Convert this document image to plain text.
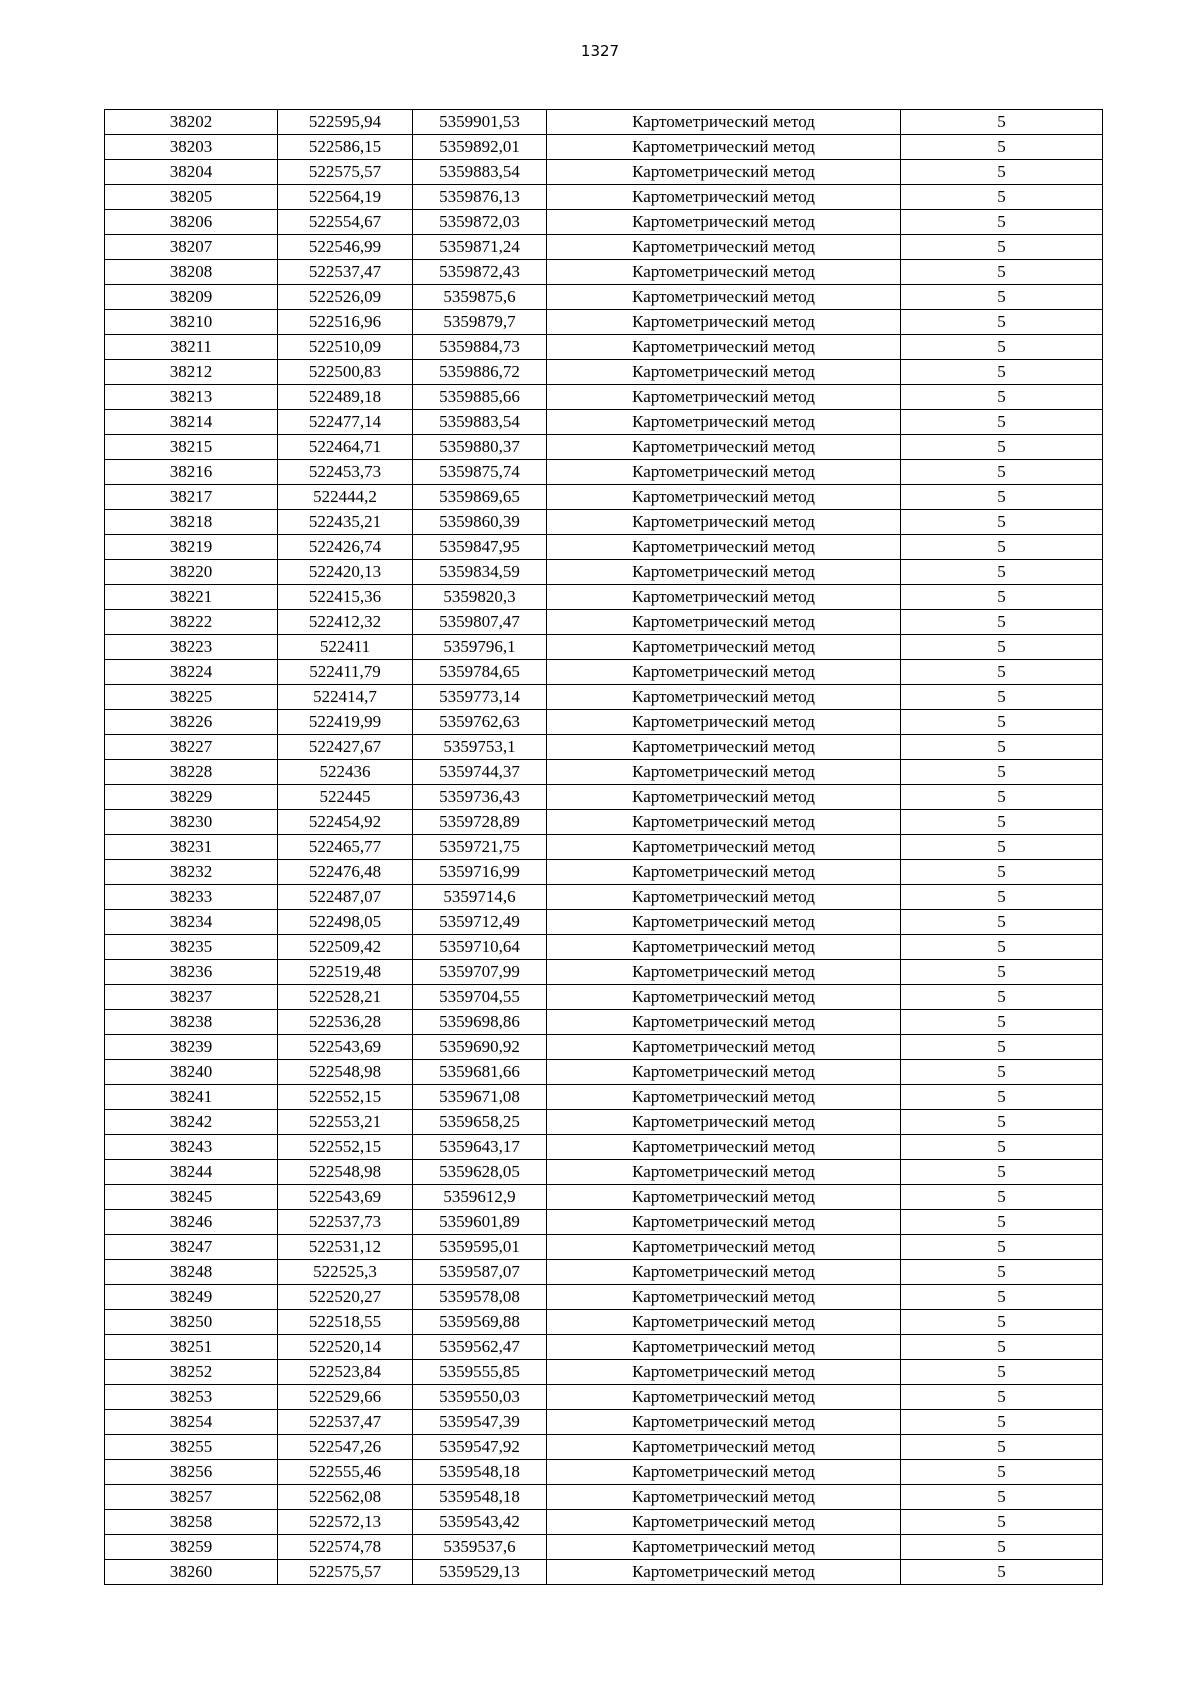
1327
38202	522595,94	5359901,53	Картометрический метод	5
38203	522586,15	5359892,01	Картометрический метод	5
38204	522575,57	5359883,54	Картометрический метод	5
38205	522564,19	5359876,13	Картометрический метод	5
38206	522554,67	5359872,03	Картометрический метод	5
38207	522546,99	5359871,24	Картометрический метод	5
38208	522537,47	5359872,43	Картометрический метод	5
38209	522526,09	5359875,6	Картометрический метод	5
38210	522516,96	5359879,7	Картометрический метод	5
38211	522510,09	5359884,73	Картометрический метод	5
38212	522500,83	5359886,72	Картометрический метод	5
38213	522489,18	5359885,66	Картометрический метод	5
38214	522477,14	5359883,54	Картометрический метод	5
38215	522464,71	5359880,37	Картометрический метод	5
38216	522453,73	5359875,74	Картометрический метод	5
38217	522444,2	5359869,65	Картометрический метод	5
38218	522435,21	5359860,39	Картометрический метод	5
38219	522426,74	5359847,95	Картометрический метод	5
38220	522420,13	5359834,59	Картометрический метод	5
38221	522415,36	5359820,3	Картометрический метод	5
38222	522412,32	5359807,47	Картометрический метод	5
38223	522411	5359796,1	Картометрический метод	5
38224	522411,79	5359784,65	Картометрический метод	5
38225	522414,7	5359773,14	Картометрический метод	5
38226	522419,99	5359762,63	Картометрический метод	5
38227	522427,67	5359753,1	Картометрический метод	5
38228	522436	5359744,37	Картометрический метод	5
38229	522445	5359736,43	Картометрический метод	5
38230	522454,92	5359728,89	Картометрический метод	5
38231	522465,77	5359721,75	Картометрический метод	5
38232	522476,48	5359716,99	Картометрический метод	5
38233	522487,07	5359714,6	Картометрический метод	5
38234	522498,05	5359712,49	Картометрический метод	5
38235	522509,42	5359710,64	Картометрический метод	5
38236	522519,48	5359707,99	Картометрический метод	5
38237	522528,21	5359704,55	Картометрический метод	5
38238	522536,28	5359698,86	Картометрический метод	5
38239	522543,69	5359690,92	Картометрический метод	5
38240	522548,98	5359681,66	Картометрический метод	5
38241	522552,15	5359671,08	Картометрический метод	5
38242	522553,21	5359658,25	Картометрический метод	5
38243	522552,15	5359643,17	Картометрический метод	5
38244	522548,98	5359628,05	Картометрический метод	5
38245	522543,69	5359612,9	Картометрический метод	5
38246	522537,73	5359601,89	Картометрический метод	5
38247	522531,12	5359595,01	Картометрический метод	5
38248	522525,3	5359587,07	Картометрический метод	5
38249	522520,27	5359578,08	Картометрический метод	5
38250	522518,55	5359569,88	Картометрический метод	5
38251	522520,14	5359562,47	Картометрический метод	5
38252	522523,84	5359555,85	Картометрический метод	5
38253	522529,66	5359550,03	Картометрический метод	5
38254	522537,47	5359547,39	Картометрический метод	5
38255	522547,26	5359547,92	Картометрический метод	5
38256	522555,46	5359548,18	Картометрический метод	5
38257	522562,08	5359548,18	Картометрический метод	5
38258	522572,13	5359543,42	Картометрический метод	5
38259	522574,78	5359537,6	Картометрический метод	5
38260	522575,57	5359529,13	Картометрический метод	5
